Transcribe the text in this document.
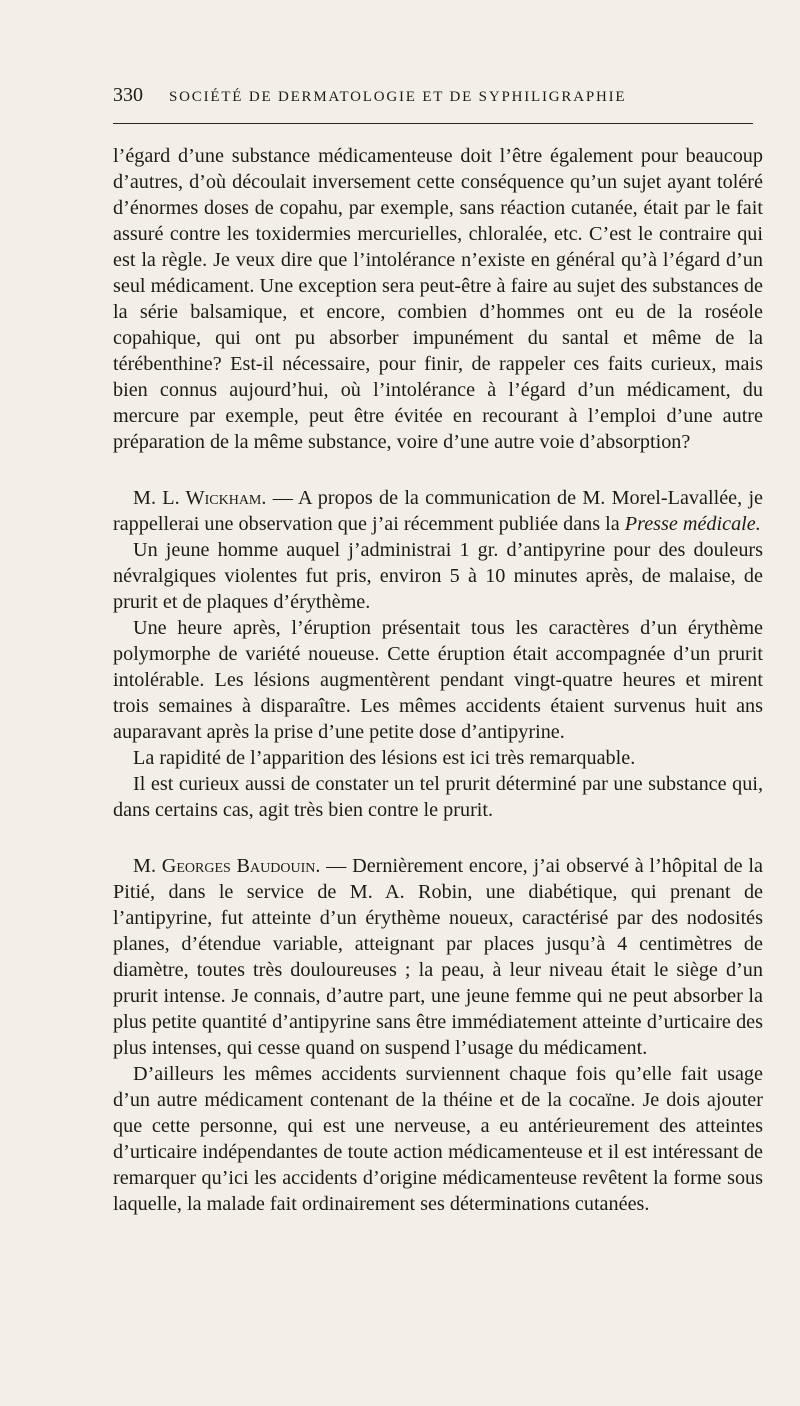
330 SOCIÉTÉ DE DERMATOLOGIE ET DE SYPHILIGRAPHIE

l’égard d’une substance médicamenteuse doit l’être également pour beaucoup d’autres, d’où découlait inversement cette conséquence qu’un sujet ayant toléré d’énormes doses de copahu, par exemple, sans réaction cutanée, était par le fait assuré contre les toxidermies mercurielles, chloralée, etc. C’est le contraire qui est la règle. Je veux dire que l’intolérance n’existe en général qu’à l’égard d’un seul médicament. Une exception sera peut-être à faire au sujet des substances de la série balsamique, et encore, combien d’hommes ont eu de la roséole copahique, qui ont pu absorber impunément du santal et même de la térébenthine? Est-il nécessaire, pour finir, de rappeler ces faits curieux, mais bien connus aujourd’hui, où l’intolérance à l’égard d’un médicament, du mercure par exemple, peut être évitée en recourant à l’emploi d’une autre préparation de la même substance, voire d’une autre voie d’absorption?

M. L. Wickham. — A propos de la communication de M. Morel-Lavallée, je rappellerai une observation que j’ai récemment publiée dans la Presse médicale.

Un jeune homme auquel j’administrai 1 gr. d’antipyrine pour des douleurs névralgiques violentes fut pris, environ 5 à 10 minutes après, de malaise, de prurit et de plaques d’érythème.

Une heure après, l’éruption présentait tous les caractères d’un érythème polymorphe de variété noueuse. Cette éruption était accompagnée d’un prurit intolérable. Les lésions augmentèrent pendant vingt-quatre heures et mirent trois semaines à disparaître. Les mêmes accidents étaient survenus huit ans auparavant après la prise d’une petite dose d’antipyrine.

La rapidité de l’apparition des lésions est ici très remarquable.

Il est curieux aussi de constater un tel prurit déterminé par une substance qui, dans certains cas, agit très bien contre le prurit.

M. Georges Baudouin. — Dernièrement encore, j’ai observé à l’hôpital de la Pitié, dans le service de M. A. Robin, une diabétique, qui prenant de l’antipyrine, fut atteinte d’un érythème noueux, caractérisé par des nodosités planes, d’étendue variable, atteignant par places jusqu’à 4 centimètres de diamètre, toutes très douloureuses ; la peau, à leur niveau était le siège d’un prurit intense. Je connais, d’autre part, une jeune femme qui ne peut absorber la plus petite quantité d’antipyrine sans être immédiatement atteinte d’urticaire des plus intenses, qui cesse quand on suspend l’usage du médicament.

D’ailleurs les mêmes accidents surviennent chaque fois qu’elle fait usage d’un autre médicament contenant de la théine et de la cocaïne. Je dois ajouter que cette personne, qui est une nerveuse, a eu antérieurement des atteintes d’urticaire indépendantes de toute action médicamenteuse et il est intéressant de remarquer qu’ici les accidents d’origine médicamenteuse revêtent la forme sous laquelle, la malade fait ordinairement ses déterminations cutanées.
